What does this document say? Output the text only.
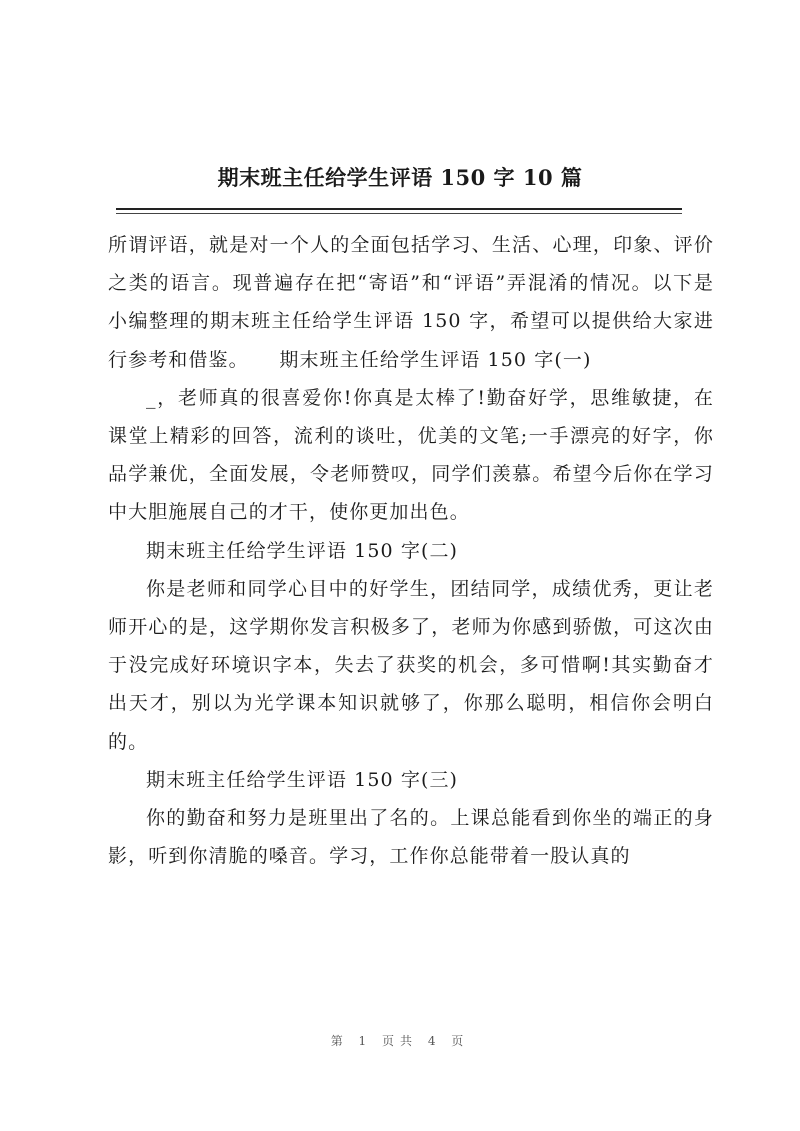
期末班主任给学生评语 150 字 10 篇

所谓评语，就是对一个人的全面包括学习、生活、心理，印象、评价之类的语言。现普遍存在把“寄语”和“评语”弄混淆的情况。以下是小编整理的期末班主任给学生评语 150 字，希望可以提供给大家进行参考和借鉴。　　期末班主任给学生评语 150 字(一)

_，老师真的很喜爱你!你真是太棒了!勤奋好学，思维敏捷，在课堂上精彩的回答，流利的谈吐，优美的文笔;一手漂亮的好字，你品学兼优，全面发展，令老师赞叹，同学们羡慕。希望今后你在学习中大胆施展自己的才干，使你更加出色。

期末班主任给学生评语 150 字(二)

你是老师和同学心目中的好学生，团结同学，成绩优秀，更让老师开心的是，这学期你发言积极多了，老师为你感到骄傲，可这次由于没完成好环境识字本，失去了获奖的机会，多可惜啊!其实勤奋才出天才，别以为光学课本知识就够了，你那么聪明，相信你会明白的。

期末班主任给学生评语 150 字(三)

你的勤奋和努力是班里出了名的。上课总能看到你坐的端正的身影，听到你清脆的嗓音。学习，工作你总能带着一股认真的

第 1 页共 4 页
